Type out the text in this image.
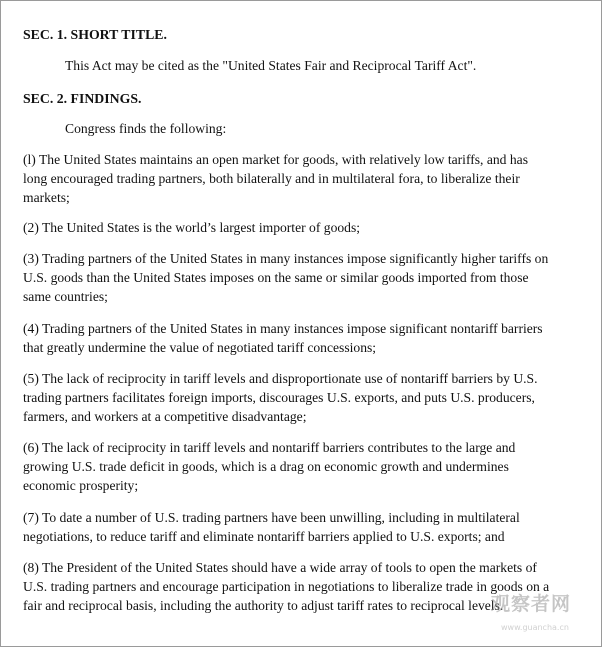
SEC. 1. SHORT TITLE.
This Act may be cited as the "United States Fair and Reciprocal Tariff Act".
SEC. 2. FINDINGS.
Congress finds the following:
(l) The United States maintains an open market for goods, with relatively low tariffs, and has
long encouraged trading partners, both bilaterally and in multilateral fora, to liberalize their
markets;
(2) The United States is the world’s largest importer of goods;
(3) Trading partners of the United States in many instances impose significantly higher tariffs on
U.S. goods than the United States imposes on the same or similar goods imported from those
same countries;
(4) Trading partners of the United States in many instances impose significant nontariff barriers
that greatly undermine the value of negotiated tariff concessions;
(5) The lack of reciprocity in tariff levels and disproportionate use of nontariff barriers by U.S.
trading partners facilitates foreign imports, discourages U.S. exports, and puts U.S. producers,
farmers, and workers at a competitive disadvantage;
(6) The lack of reciprocity in tariff levels and nontariff barriers contributes to the large and
growing U.S. trade deficit in goods, which is a drag on economic growth and undermines
economic prosperity;
(7) To date a number of U.S. trading partners have been unwilling, including in multilateral
negotiations, to reduce tariff and eliminate nontariff barriers applied to U.S. exports; and
(8) The President of the United States should have a wide array of tools to open the markets of
U.S. trading partners and encourage participation in negotiations to liberalize trade in goods on a
fair and reciprocal basis, including the authority to adjust tariff rates to reciprocal levels.
观察者网
www.guancha.cn
